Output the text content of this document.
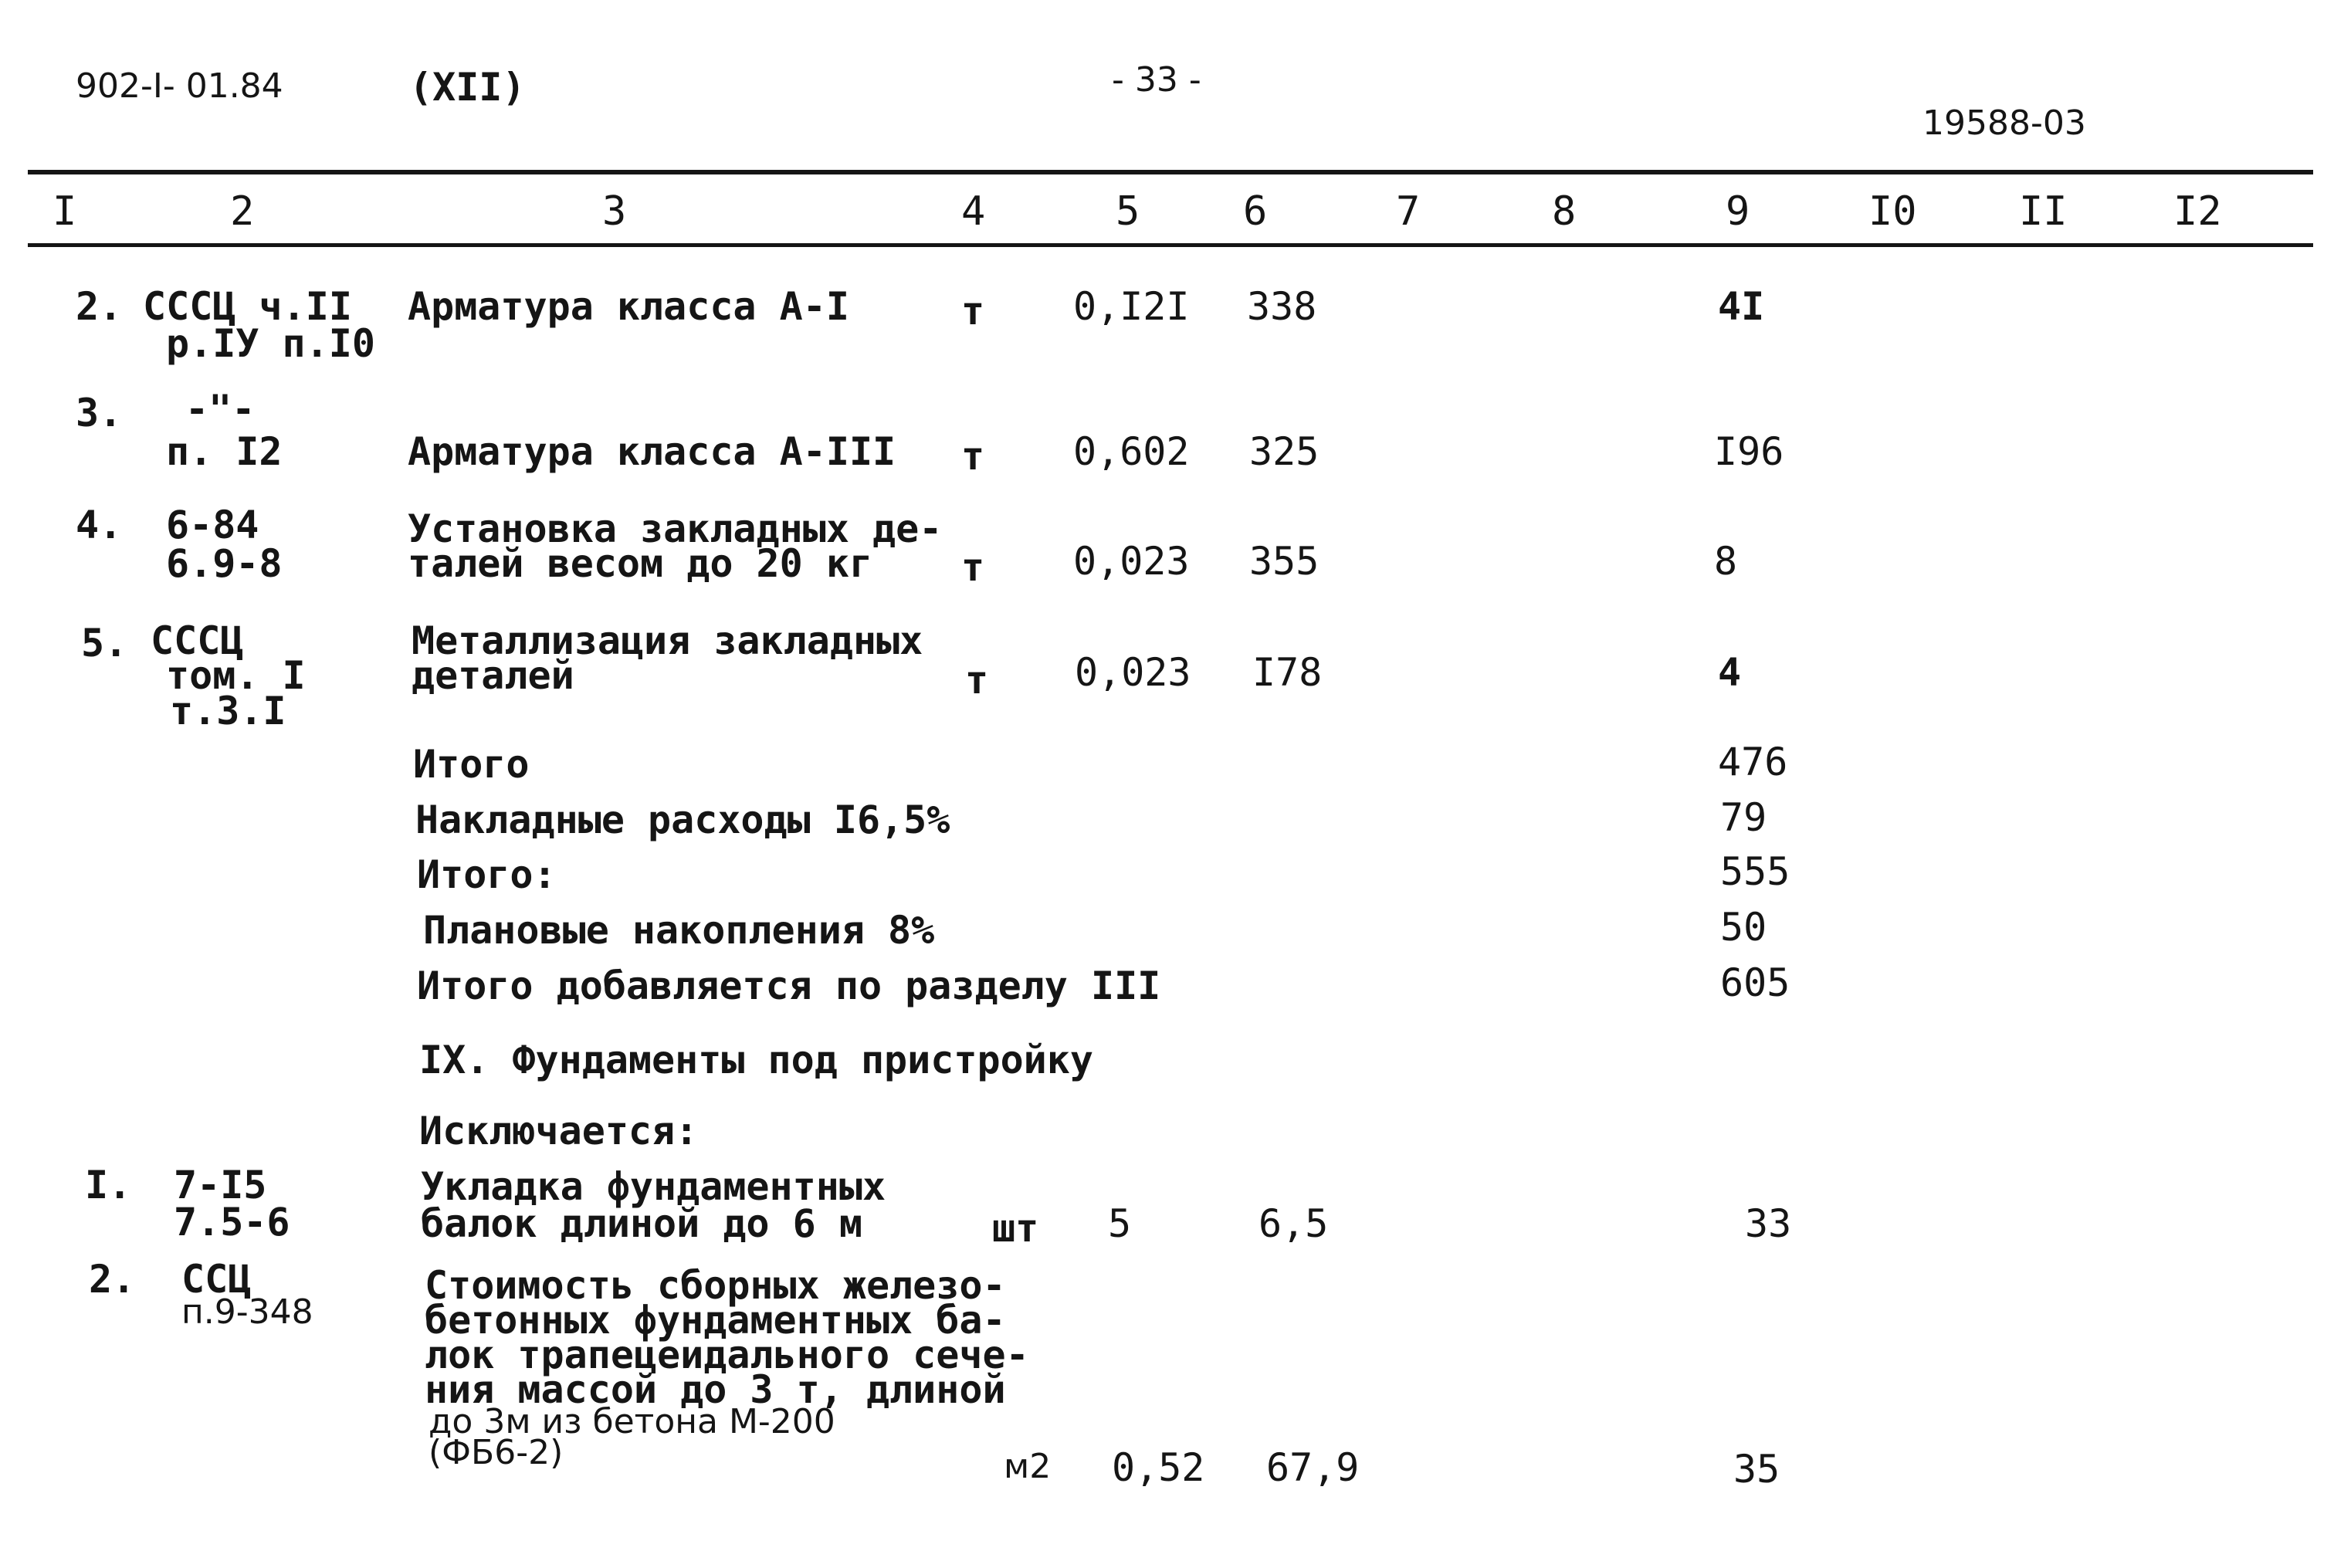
902-I- 01.84	(XII)	- 33 -
19588-03
I	2	3	4	5	6	7	8	9	I0	II	I2
2. СССЦ ч.II
р.IУ п.I0
Арматура класса А-I	т 0,I2I 338	4I
3. -"-
п. I2	Арматура класса А-III т 0,602 325	I96
4. 6-84
6.9-8
Установка закладных де-
талей весом до 20 кг т 0,023 355	8
5. СССЦ
том. I
т.3.I
Металлизация закладных
деталей	т 0,023 I78	4
Итого	476
Накладные расходы I6,5%	79
Итого:	555
Плановые накопления 8%	50
Итого добавляется по разделу III	605
IX. Фундаменты под пристройку
Исключается:
I. 7-I5
7.5-6
Укладка фундаментных
балок длиной до 6 м	шт 5	6,5	33
2. ССЦ
п.9-348
Стоимость сборных железо-
бетонных фундаментных ба-
лок трапецеидального сече-
ния массой до 3 т, длиной
до 3м из бетона М-200
(ФБ6-2)	м2 0,52 67,9	35
